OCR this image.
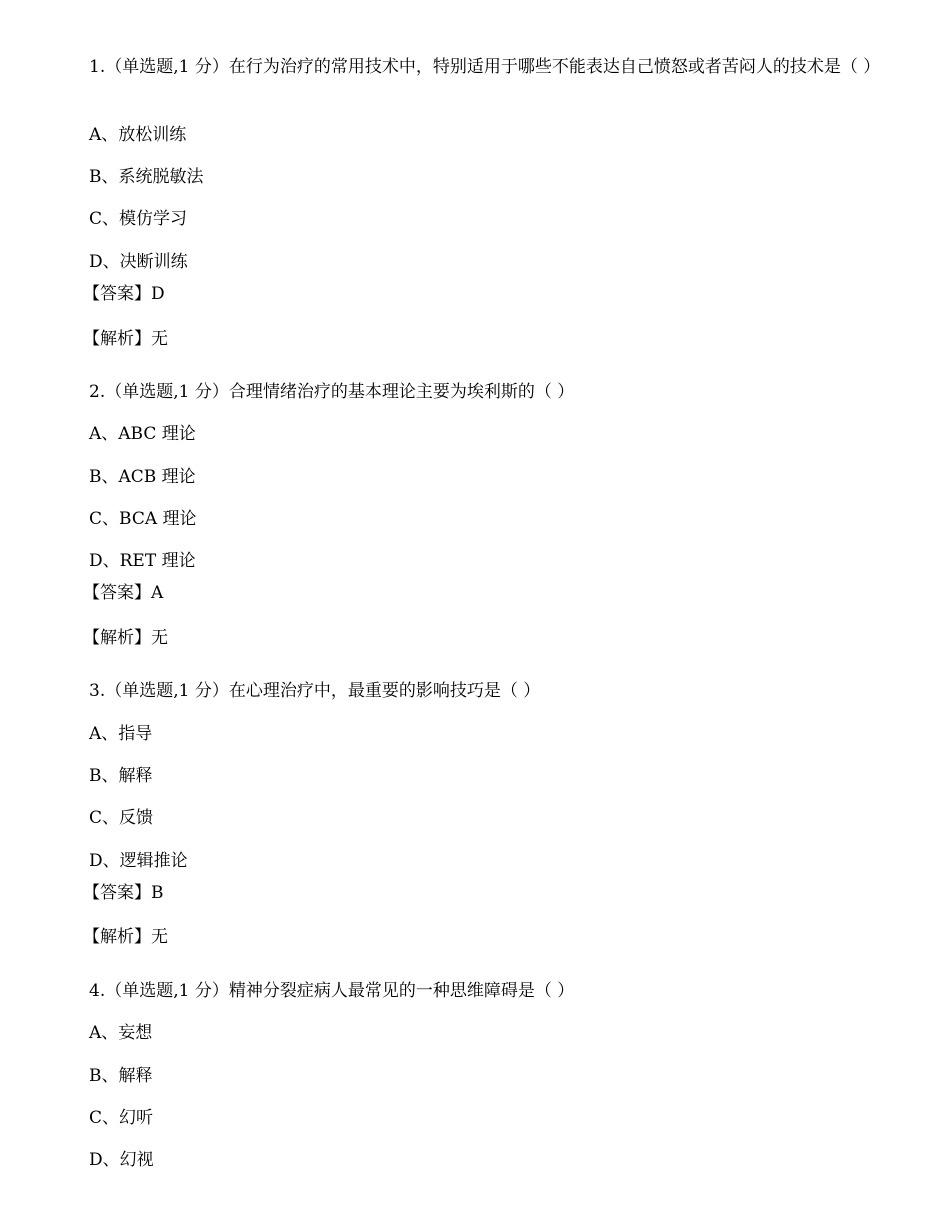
1.（单选题,1 分）在行为治疗的常用技术中，特别适用于哪些不能表达自己愤怒或者苦闷人的技术是（ ）

A、放松训练

B、系统脱敏法

C、模仿学习

D、决断训练

【答案】D

【解析】无

2.（单选题,1 分）合理情绪治疗的基本理论主要为埃利斯的（ ）

A、ABC 理论

B、ACB 理论

C、BCA 理论

D、RET 理论

【答案】A

【解析】无

3.（单选题,1 分）在心理治疗中，最重要的影响技巧是（ ）

A、指导

B、解释

C、反馈

D、逻辑推论

【答案】B

【解析】无

4.（单选题,1 分）精神分裂症病人最常见的一种思维障碍是（ ）

A、妄想

B、解释

C、幻听

D、幻视
